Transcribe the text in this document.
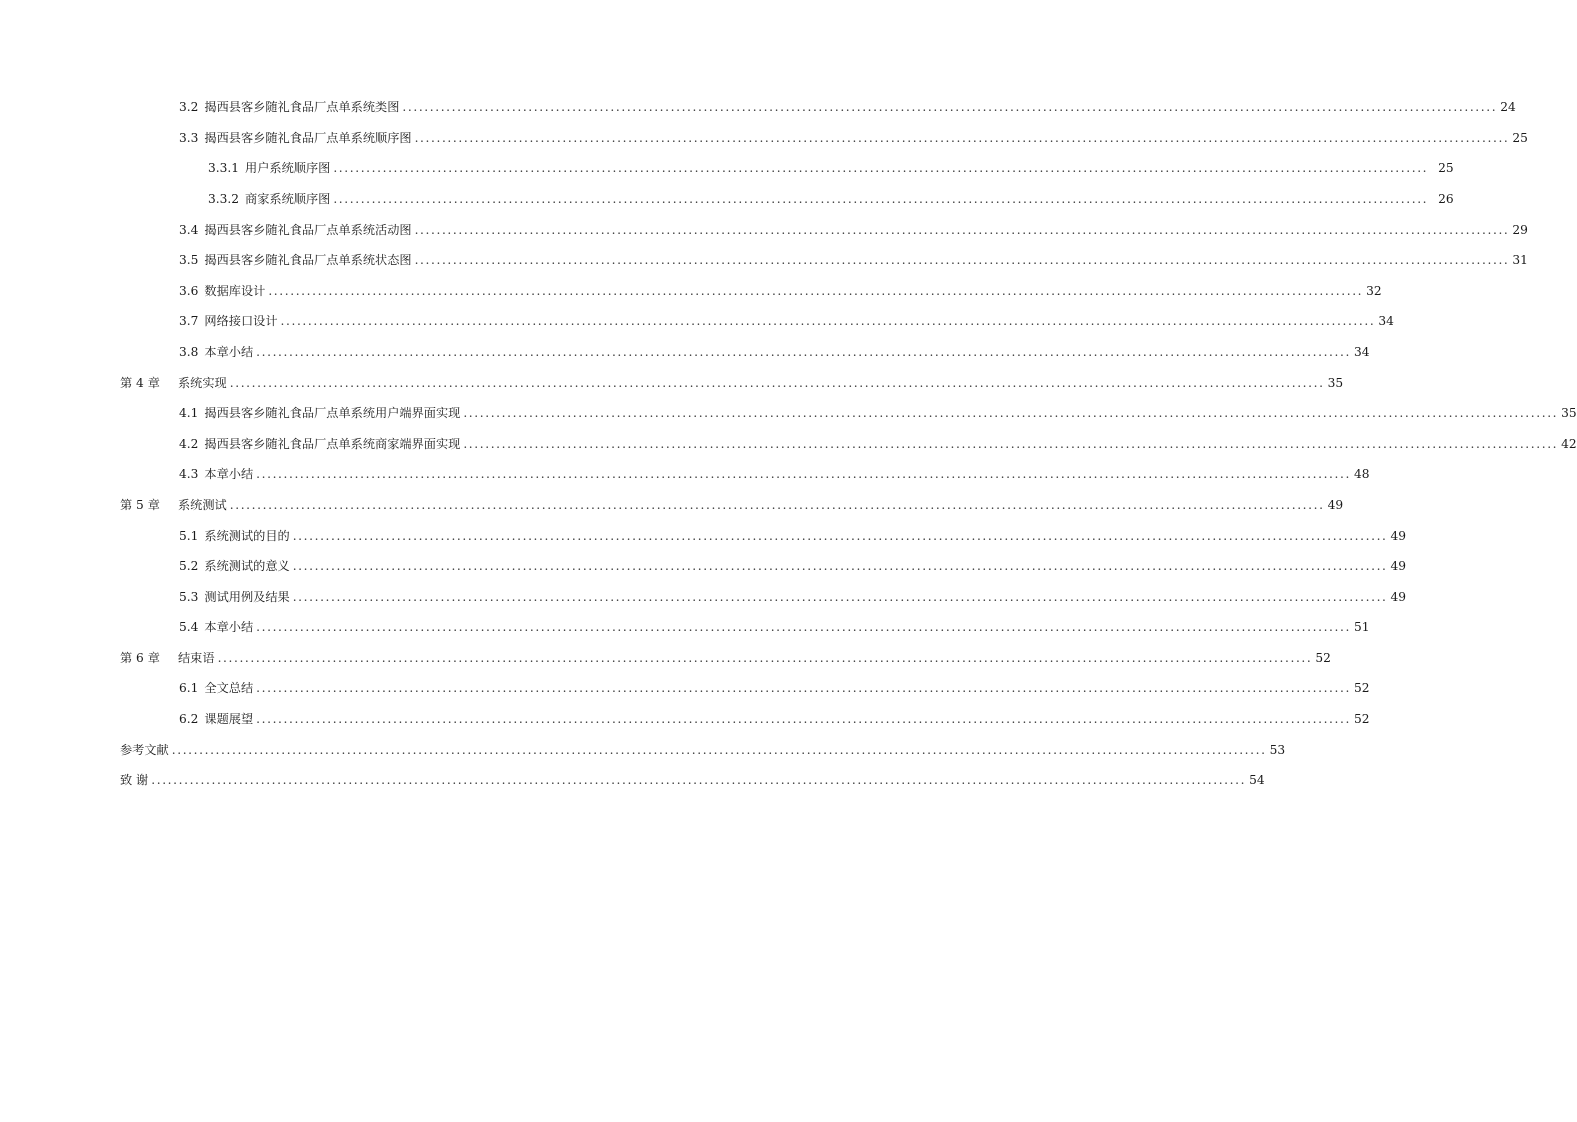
3.2 揭西县客乡随礼食品厂点单系统类图 ........................................................................................................................................................................................................ 24
3.3 揭西县客乡随礼食品厂点单系统顺序图 ........................................................................................................................................................................................................ 25
3.3.1 用户系统顺序图 ........................................................................................................................................................................................................ 25
3.3.2 商家系统顺序图 ........................................................................................................................................................................................................ 26
3.4 揭西县客乡随礼食品厂点单系统活动图 ........................................................................................................................................................................................................ 29
3.5 揭西县客乡随礼食品厂点单系统状态图 ........................................................................................................................................................................................................ 31
3.6 数据库设计 ........................................................................................................................................................................................................ 32
3.7 网络接口设计 ........................................................................................................................................................................................................ 34
3.8 本章小结 ........................................................................................................................................................................................................ 34
第 4 章	系统实现 ........................................................................................................................................................................................................ 35
4.1 揭西县客乡随礼食品厂点单系统用户端界面实现 ........................................................................................................................................................................................................ 35
4.2 揭西县客乡随礼食品厂点单系统商家端界面实现 ........................................................................................................................................................................................................ 42
4.3 本章小结 ........................................................................................................................................................................................................ 48
第 5 章	系统测试 ........................................................................................................................................................................................................ 49
5.1 系统测试的目的 ........................................................................................................................................................................................................ 49
5.2 系统测试的意义 ........................................................................................................................................................................................................ 49
5.3 测试用例及结果 ........................................................................................................................................................................................................ 49
5.4 本章小结 ........................................................................................................................................................................................................ 51
第 6 章	结束语 ........................................................................................................................................................................................................ 52
6.1 全文总结 ........................................................................................................................................................................................................ 52
6.2 课题展望 ........................................................................................................................................................................................................ 52
参考文献 ........................................................................................................................................................................................................ 53
致 谢 ........................................................................................................................................................................................................ 54
